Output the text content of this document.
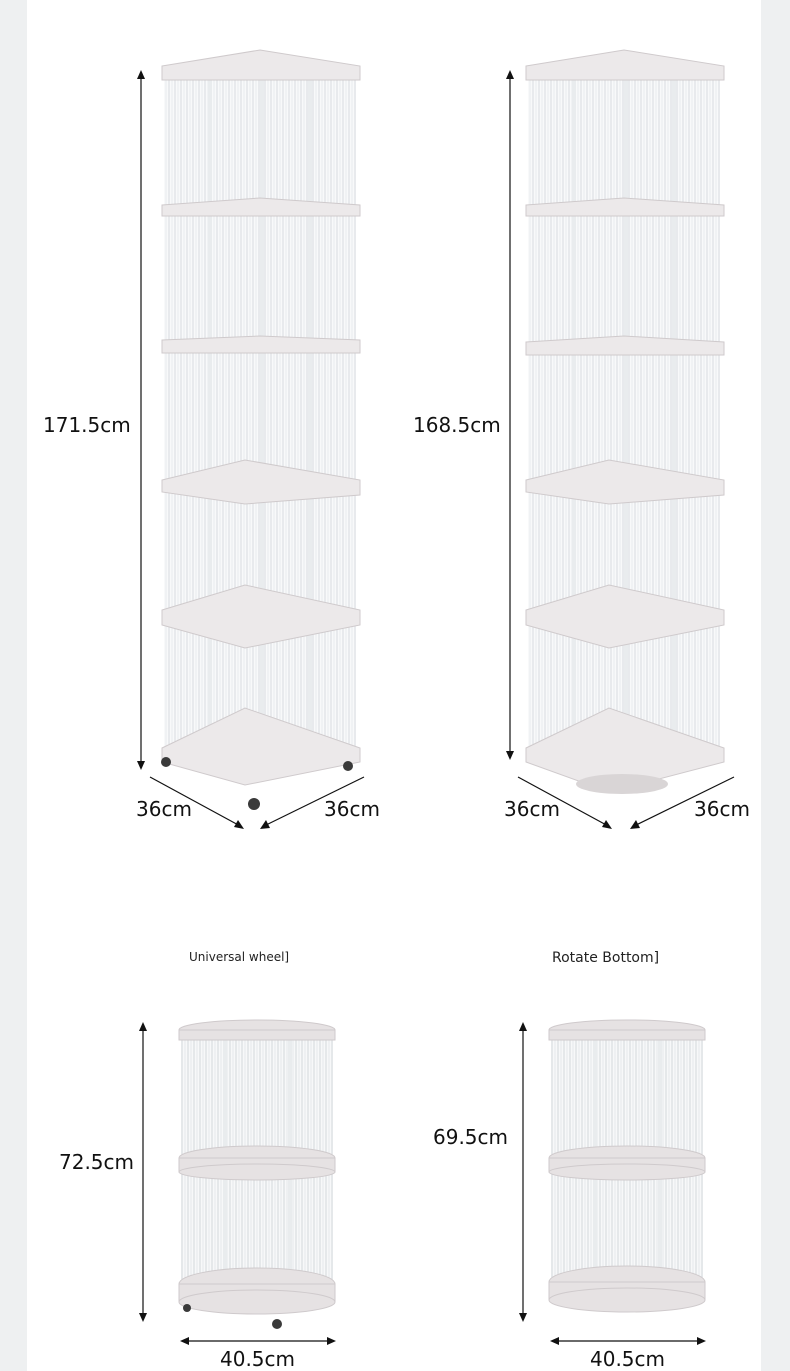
171.5cm
36cm	36cm
168.5cm
36cm	36cm
Universal wheel]	Rotate Bottom]
72.5cm
40.5cm
69.5cm
40.5cm
